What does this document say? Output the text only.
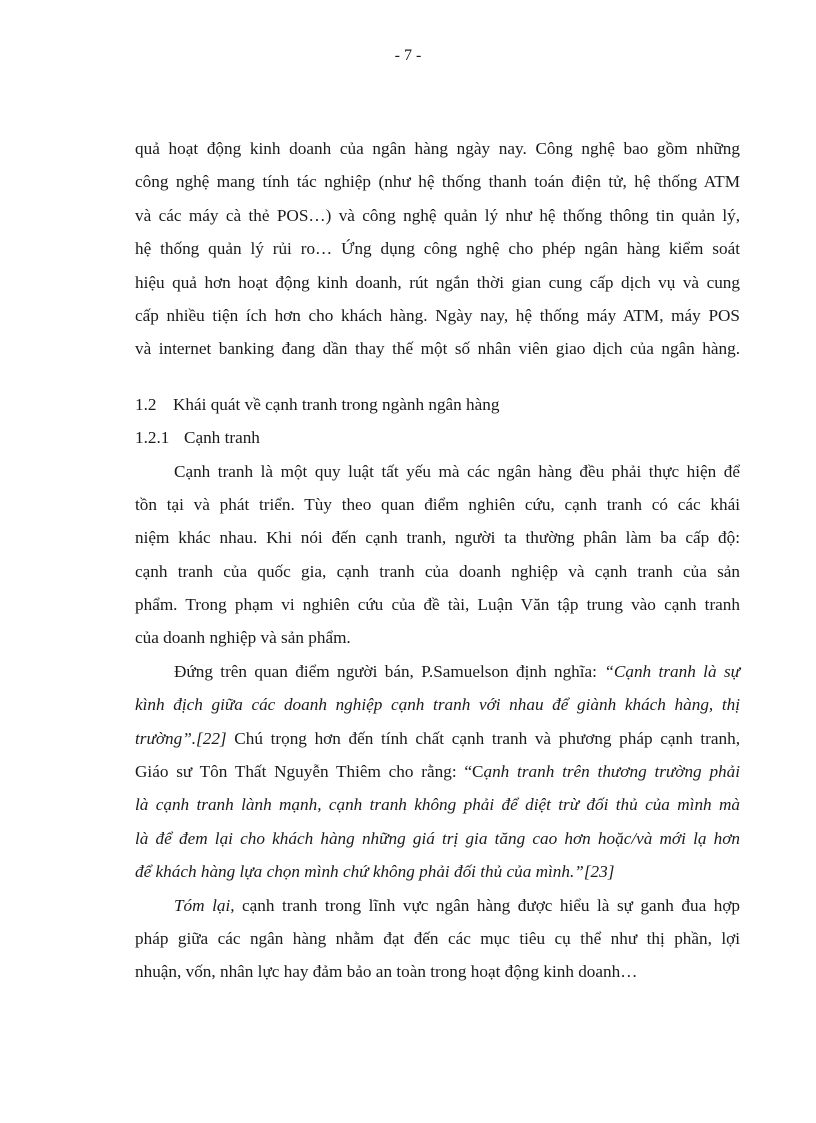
- 7 -
quả hoạt động kinh doanh của ngân hàng ngày nay. Công nghệ bao gồm những
công nghệ mang tính tác nghiệp (như hệ thống thanh toán điện tử, hệ thống ATM
và các máy cà thẻ POS…) và công nghệ quản lý như hệ thống thông tin quản lý,
hệ thống quản lý rủi ro… Ứng dụng công nghệ cho phép ngân hàng kiểm soát
hiệu quả hơn hoạt động kinh doanh, rút ngắn thời gian cung cấp dịch vụ và cung
cấp nhiều tiện ích hơn cho khách hàng. Ngày nay, hệ thống máy ATM, máy POS
và internet banking đang dần thay thế một số nhân viên giao dịch của ngân hàng.
1.2 Khái quát về cạnh tranh trong ngành ngân hàng
1.2.1 Cạnh tranh
Cạnh tranh là một quy luật tất yếu mà các ngân hàng đều phải thực hiện để
tồn tại và phát triển. Tùy theo quan điểm nghiên cứu, cạnh tranh có các khái
niệm khác nhau. Khi nói đến cạnh tranh, người ta thường phân làm ba cấp độ:
cạnh tranh của quốc gia, cạnh tranh của doanh nghiệp và cạnh tranh của sản
phẩm. Trong phạm vi nghiên cứu của đề tài, Luận Văn tập trung vào cạnh tranh
của doanh nghiệp và sản phẩm.
Đứng trên quan điểm người bán, P.Samuelson định nghĩa: “Cạnh tranh là sự
kình địch giữa các doanh nghiệp cạnh tranh với nhau để giành khách hàng, thị
trường”.[22] Chú trọng hơn đến tính chất cạnh tranh và phương pháp cạnh tranh,
Giáo sư Tôn Thất Nguyễn Thiêm cho rằng: “Cạnh tranh trên thương trường phải
là cạnh tranh lành mạnh, cạnh tranh không phải để diệt trừ đối thủ của mình mà
là để đem lại cho khách hàng những giá trị gia tăng cao hơn hoặc/và mới lạ hơn
để khách hàng lựa chọn mình chứ không phải đối thủ của mình.”[23]
Tóm lại, cạnh tranh trong lĩnh vực ngân hàng được hiểu là sự ganh đua hợp
pháp giữa các ngân hàng nhằm đạt đến các mục tiêu cụ thể như thị phần, lợi
nhuận, vốn, nhân lực hay đảm bảo an toàn trong hoạt động kinh doanh…
